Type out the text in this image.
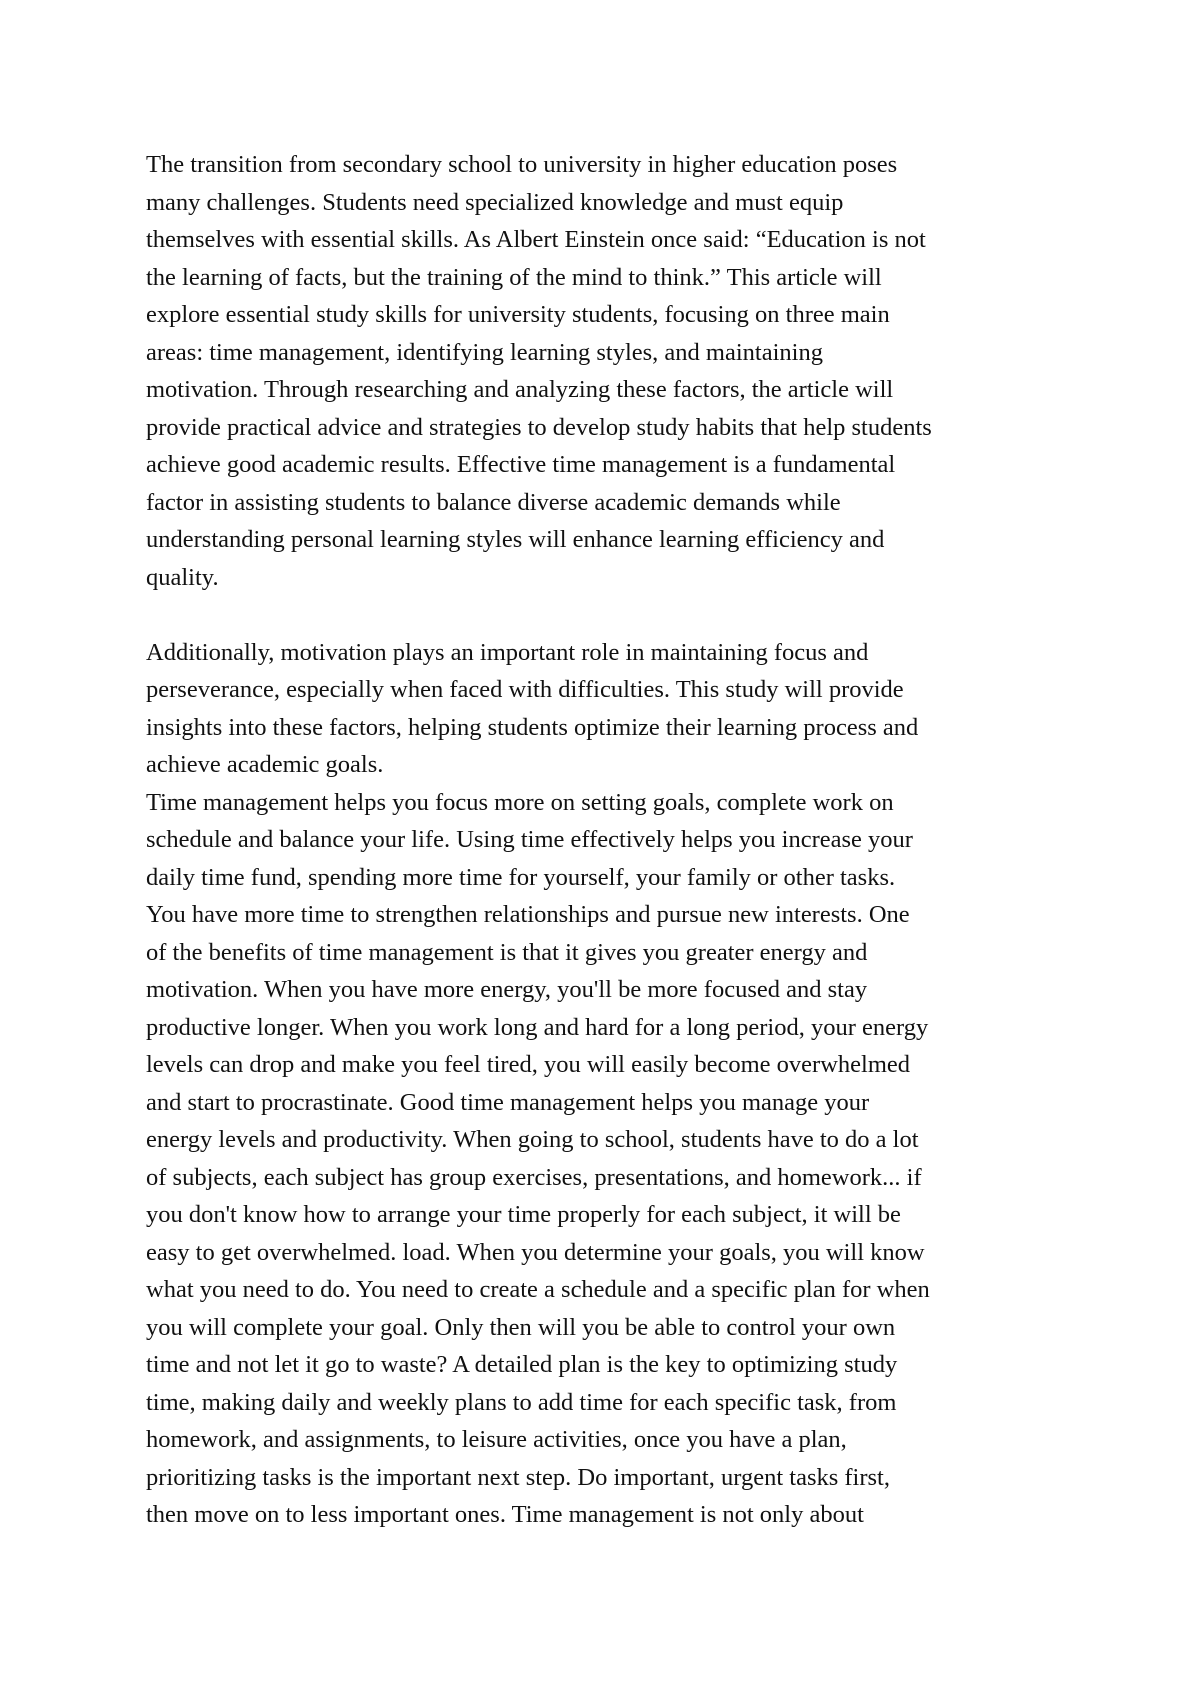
The transition from secondary school to university in higher education poses
many challenges. Students need specialized knowledge and must equip
themselves with essential skills. As Albert Einstein once said: “Education is not
the learning of facts, but the training of the mind to think.” This article will
explore essential study skills for university students, focusing on three main
areas: time management, identifying learning styles, and maintaining
motivation. Through researching and analyzing these factors, the article will
provide practical advice and strategies to develop study habits that help students
achieve good academic results. Effective time management is a fundamental
factor in assisting students to balance diverse academic demands while
understanding personal learning styles will enhance learning efficiency and
quality.

Additionally, motivation plays an important role in maintaining focus and
perseverance, especially when faced with difficulties. This study will provide
insights into these factors, helping students optimize their learning process and
achieve academic goals.

Time management helps you focus more on setting goals, complete work on
schedule and balance your life. Using time effectively helps you increase your
daily time fund, spending more time for yourself, your family or other tasks.
You have more time to strengthen relationships and pursue new interests. One
of the benefits of time management is that it gives you greater energy and
motivation. When you have more energy, you'll be more focused and stay
productive longer. When you work long and hard for a long period, your energy
levels can drop and make you feel tired, you will easily become overwhelmed
and start to procrastinate. Good time management helps you manage your
energy levels and productivity. When going to school, students have to do a lot
of subjects, each subject has group exercises, presentations, and homework... if
you don't know how to arrange your time properly for each subject, it will be
easy to get overwhelmed. load. When you determine your goals, you will know
what you need to do. You need to create a schedule and a specific plan for when
you will complete your goal. Only then will you be able to control your own
time and not let it go to waste? A detailed plan is the key to optimizing study
time, making daily and weekly plans to add time for each specific task, from
homework, and assignments, to leisure activities, once you have a plan,
prioritizing tasks is the important next step. Do important, urgent tasks first,
then move on to less important ones. Time management is not only about
